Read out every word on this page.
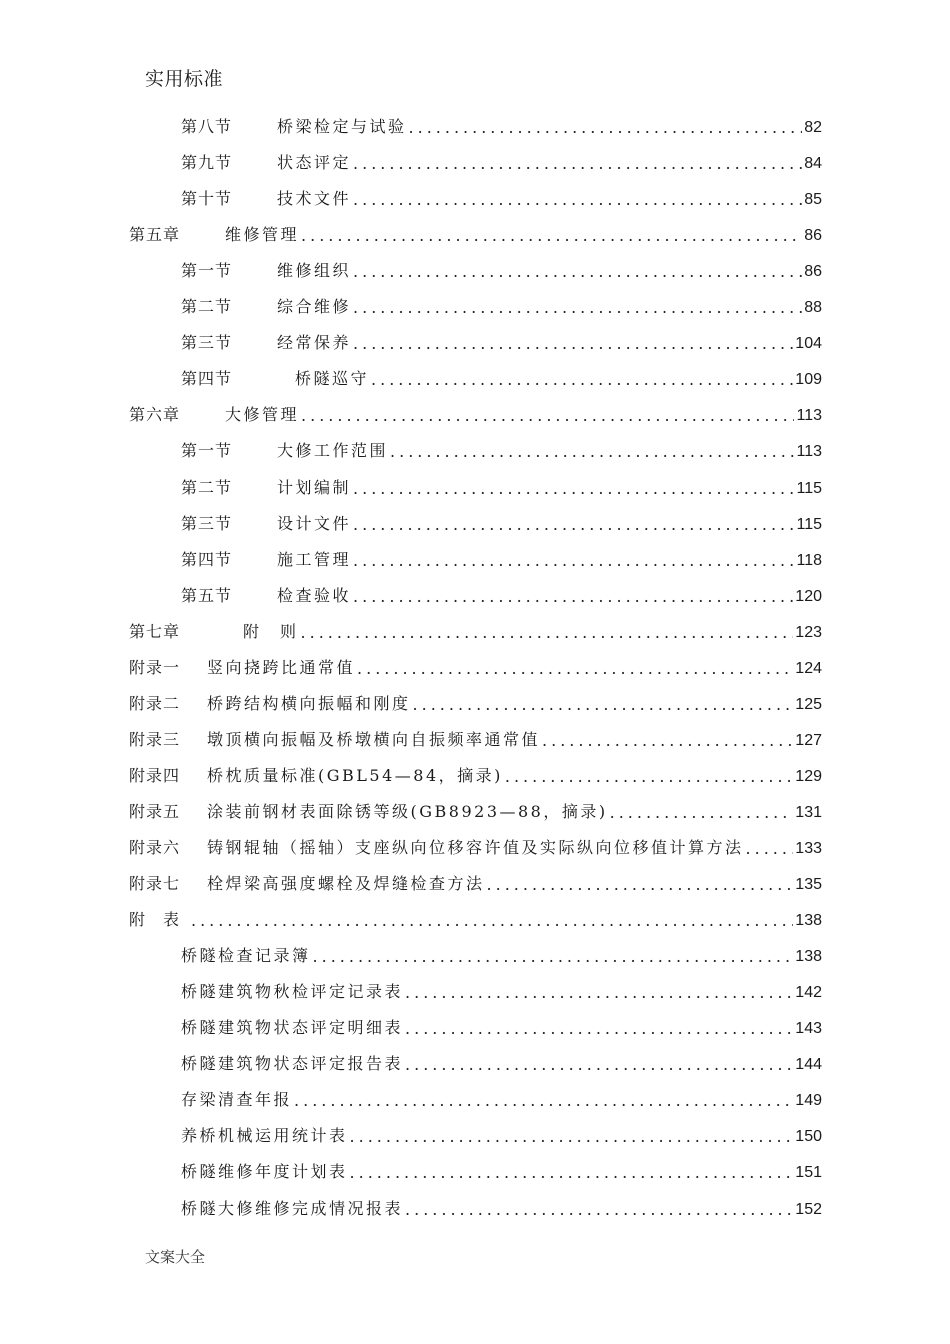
实用标准
第八节	桥梁检定与试验 .....	82
第九节	状态评定 .....	84
第十节	技术文件 .....	85
第五章	维修管理 .....	86
第一节	维修组织 .....	86
第二节	综合维修 .....	88
第三节	经常保养 .....	104
第四节	桥隧巡守 .....	109
第六章	大修管理 .....	113
第一节	大修工作范围 .....	113
第二节	计划编制 .....	115
第三节	设计文件 .....	115
第四节	施工管理 .....	118
第五节	检查验收 .....	120
第七章	附　则 .....	123
附录一	竖向挠跨比通常值 .....	124
附录二	桥跨结构横向振幅和刚度 .....	125
附录三	墩顶横向振幅及桥墩横向自振频率通常值 .....	127
附录四	桥枕质量标准(GBL54—84，摘录) .....	129
附录五	涂装前钢材表面除锈等级(GB8923—88，摘录) .....	131
附录六	铸钢辊轴（摇轴）支座纵向位移容许值及实际纵向位移值计算方法 .....	133
附录七	栓焊梁高强度螺栓及焊缝检查方法 .....	135
附　表 .....	138
桥隧检查记录簿 .....	138
桥隧建筑物秋检评定记录表 .....	142
桥隧建筑物状态评定明细表 .....	143
桥隧建筑物状态评定报告表 .....	144
存梁清查年报 .....	149
养桥机械运用统计表 .....	150
桥隧维修年度计划表 .....	151
桥隧大修维修完成情况报表 .....	152
文案大全
